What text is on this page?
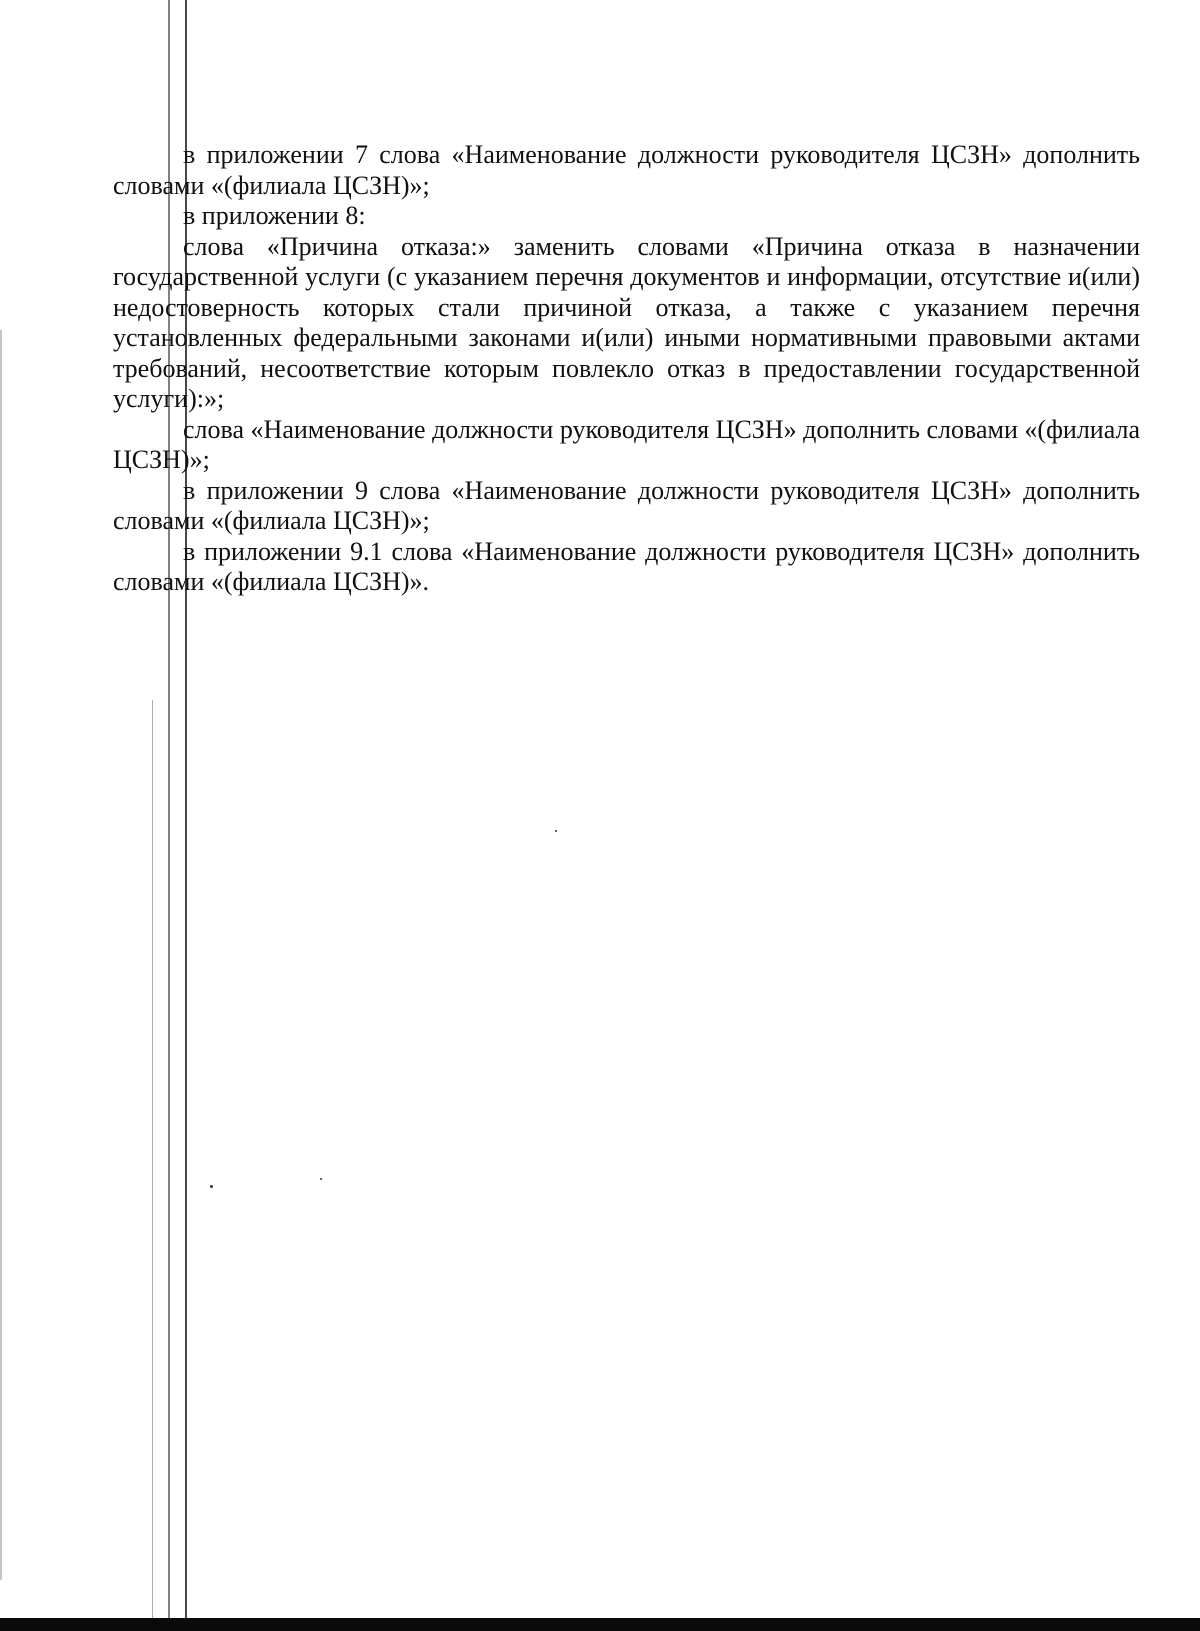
в приложении 7 слова «Наименование должности руководителя ЦСЗН» дополнить словами «(филиала ЦСЗН)»;

в приложении 8:

слова «Причина отказа:» заменить словами «Причина отказа в назначении государственной услуги (с указанием перечня документов и информации, отсутствие и(или) недостоверность которых стали причиной отказа, а также с указанием перечня установленных федеральными законами и(или) иными нормативными правовыми актами требований, несоответствие которым повлекло отказ в предоставлении государственной услуги):»;

слова «Наименование должности руководителя ЦСЗН» дополнить словами «(филиала ЦСЗН)»;

в приложении 9 слова «Наименование должности руководителя ЦСЗН» дополнить словами «(филиала ЦСЗН)»;

в приложении 9.1 слова «Наименование должности руководителя ЦСЗН» дополнить словами «(филиала ЦСЗН)».
